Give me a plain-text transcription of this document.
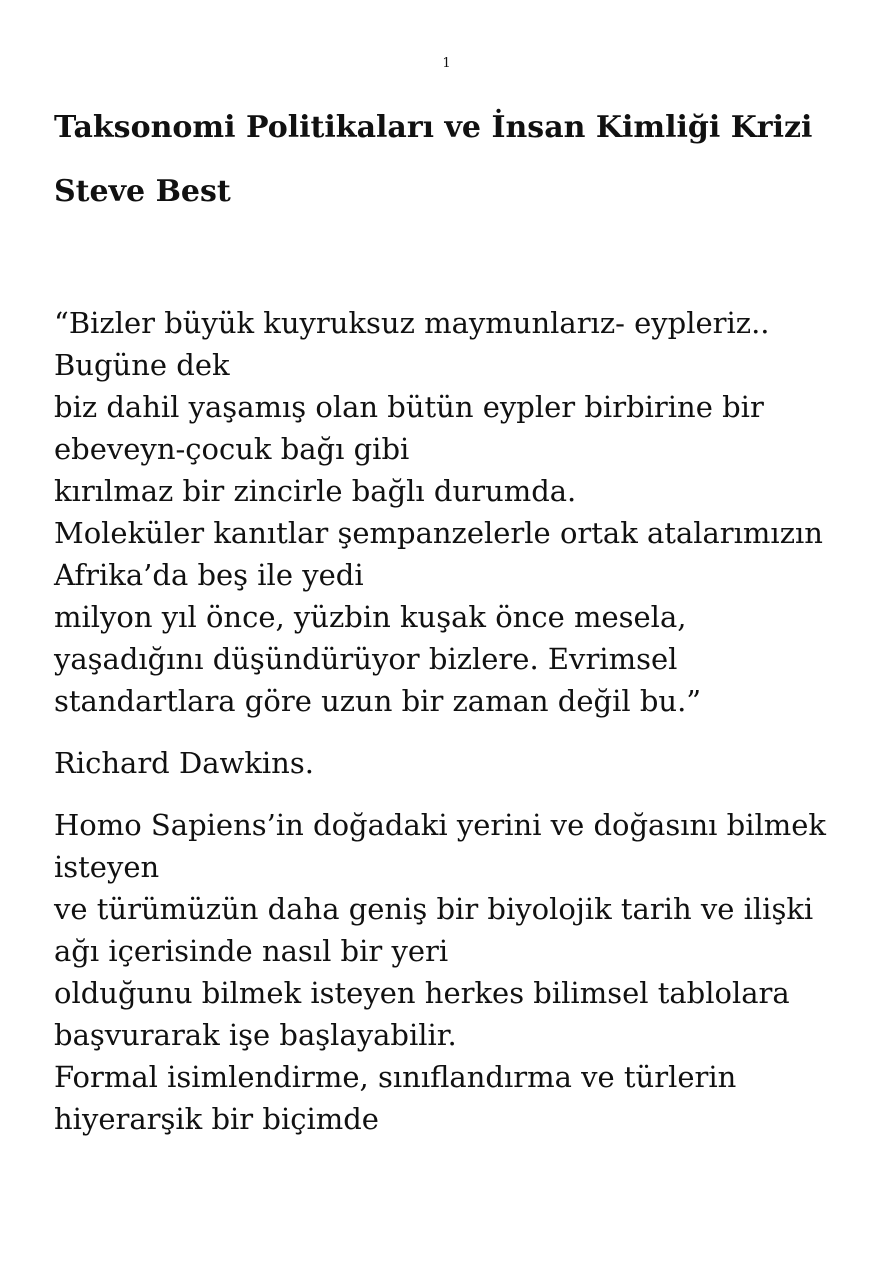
1
Taksonomi Politikaları ve İnsan Kimliği Krizi
Steve Best

“Bizler büyük kuyruksuz maymunlarız- eypleriz..
Bugüne dek
biz dahil yaşamış olan bütün eypler birbirine bir
ebeveyn-çocuk bağı gibi
kırılmaz bir zincirle bağlı durumda.
Moleküler kanıtlar şempanzelerle ortak atalarımızın
Afrika’da beş ile yedi
milyon yıl önce, yüzbin kuşak önce mesela,
yaşadığını düşündürüyor bizlere. Evrimsel
standartlara göre uzun bir zaman değil bu.”

Richard Dawkins.

Homo Sapiens’in doğadaki yerini ve doğasını bilmek
isteyen
ve türümüzün daha geniş bir biyolojik tarih ve ilişki
ağı içerisinde nasıl bir yeri
olduğunu bilmek isteyen herkes bilimsel tablolara
başvurarak işe başlayabilir.
Formal isimlendirme, sınıflandırma ve türlerin
hiyerarşik bir biçimde
